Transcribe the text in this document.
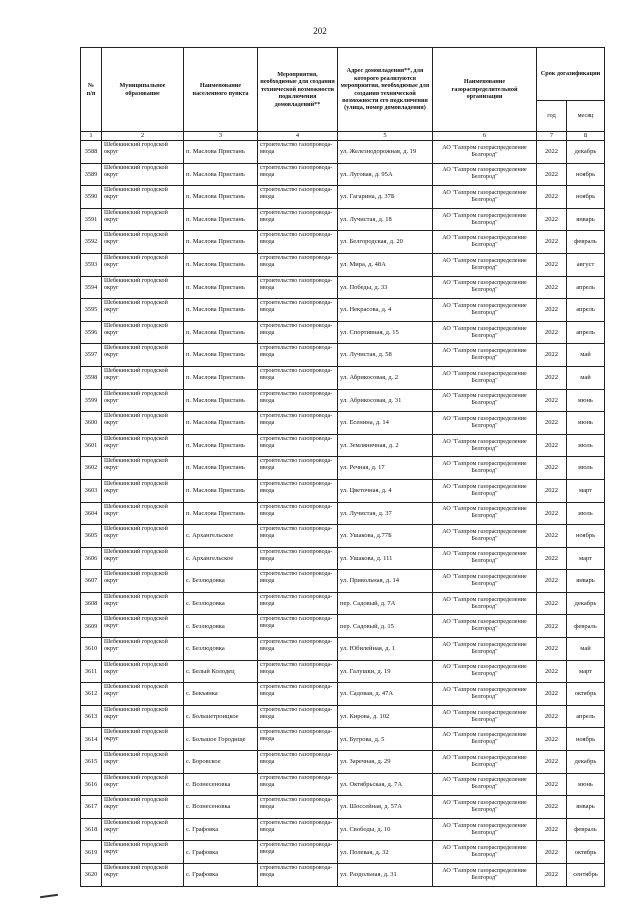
202
№
п/п	Муниципальное образование	Наименование населенного пункта	Мероприятия, необходимые для создания технической возможности подключения домовладений**	Адрес домовладения**, для которого реализуются мероприятия, необходимые для создания технической возможности его подключения (улица, номер домовладения)	Наименование газораспределительной организации	Срок догазификации	
						год	месяц
1	2	3	4	5	6	7	8
3588	Шебекинский городской округ	п. Маслова Пристань	строительство газопровода-ввода	ул. Железнодорожная, д. 19	АО "Газпром газораспределение Белгород"	2022	декабрь
3589	Шебекинский городской округ	п. Маслова Пристань	строительство газопровода-ввода	ул. Луговая, д. 95А	АО "Газпром газораспределение Белгород"	2022	ноябрь
3590	Шебекинский городской округ	п. Маслова Пристань	строительство газопровода-ввода	ул. Гагарина, д. 37Б	АО "Газпром газораспределение Белгород"	2022	ноябрь
3591	Шебекинский городской округ	п. Маслова Пристань	строительство газопровода-ввода	ул. Лучистая, д. 18	АО "Газпром газораспределение Белгород"	2022	январь
3592	Шебекинский городской округ	п. Маслова Пристань	строительство газопровода-ввода	ул. Белгородская, д. 20	АО "Газпром газораспределение Белгород"	2022	февраль
3593	Шебекинский городской округ	п. Маслова Пристань	строительство газопровода-ввода	ул. Мира, д. 48А	АО "Газпром газораспределение Белгород"	2022	август
3594	Шебекинский городской округ	п. Маслова Пристань	строительство газопровода-ввода	ул. Победы, д. 33	АО "Газпром газораспределение Белгород"	2022	апрель
3595	Шебекинский городской округ	п. Маслова Пристань	строительство газопровода-ввода	ул. Некрасова, д. 4	АО "Газпром газораспределение Белгород"	2022	апрель
3596	Шебекинский городской округ	п. Маслова Пристань	строительство газопровода-ввода	ул. Спортивная, д. 15	АО "Газпром газораспределение Белгород"	2022	апрель
3597	Шебекинский городской округ	п. Маслова Пристань	строительство газопровода-ввода	ул. Лучистая, д. 58	АО "Газпром газораспределение Белгород"	2022	май
3598	Шебекинский городской округ	п. Маслова Пристань	строительство газопровода-ввода	ул. Абрикосовая, д. 2	АО "Газпром газораспределение Белгород"	2022	май
3599	Шебекинский городской округ	п. Маслова Пристань	строительство газопровода-ввода	ул. Абрикосовая, д. 31	АО "Газпром газораспределение Белгород"	2022	июнь
3600	Шебекинский городской округ	п. Маслова Пристань	строительство газопровода-ввода	ул. Есенина, д. 14	АО "Газпром газораспределение Белгород"	2022	июнь
3601	Шебекинский городской округ	п. Маслова Пристань	строительство газопровода-ввода	ул. Земляничная, д. 2	АО "Газпром газораспределение Белгород"	2022	июль
3602	Шебекинский городской округ	п. Маслова Пристань	строительство газопровода-ввода	ул. Речная, д. 17	АО "Газпром газораспределение Белгород"	2022	июль
3603	Шебекинский городской округ	п. Маслова Пристань	строительство газопровода-ввода	ул. Цветочная, д. 4	АО "Газпром газораспределение Белгород"	2022	март
3604	Шебекинский городской округ	п. Маслова Пристань	строительство газопровода-ввода	ул. Лучистая, д. 37	АО "Газпром газораспределение Белгород"	2022	июль
3605	Шебекинский городской округ	с. Архангельское	строительство газопровода-ввода	ул. Ушакова, д.77Б	АО "Газпром газораспределение Белгород"	2022	ноябрь
3606	Шебекинский городской округ	с. Архангельское	строительство газопровода-ввода	ул. Ушакова, д. 111	АО "Газпром газораспределение Белгород"	2022	март
3607	Шебекинский городской округ	с. Безлюдовка	строительство газопровода-ввода	ул. Привольная, д. 14	АО "Газпром газораспределение Белгород"	2022	январь
3608	Шебекинский городской округ	с. Безлюдовка	строительство газопровода-ввода	пер. Садовый, д. 7А	АО "Газпром газораспределение Белгород"	2022	декабрь
3609	Шебекинский городской округ	с. Безлюдовка	строительство газопровода-ввода	пер. Садовый, д. 15	АО "Газпром газораспределение Белгород"	2022	февраль
3610	Шебекинский городской округ	с. Безлюдовка	строительство газопровода-ввода	ул. Юбилейная, д. 1	АО "Газпром газораспределение Белгород"	2022	май
3611	Шебекинский городской округ	с. Белый Колодец	строительство газопровода-ввода	ул. Галушки, д. 19	АО "Газпром газораспределение Белгород"	2022	март
3612	Шебекинский городской округ	с. Бекъянка	строительство газопровода-ввода	ул. Садовая, д. 47А	АО "Газпром газораспределение Белгород"	2022	октябрь
3613	Шебекинский городской округ	с. Большетроицкое	строительство газопровода-ввода	ул. Кирова, д. 102	АО "Газпром газораспределение Белгород"	2022	апрель
3614	Шебекинский городской округ	с. Большое Городище	строительство газопровода-ввода	ул. Бугрова, д. 5	АО "Газпром газораспределение Белгород"	2022	ноябрь
3615	Шебекинский городской округ	с. Боровское	строительство газопровода-ввода	ул. Заречная, д. 29	АО "Газпром газораспределение Белгород"	2022	декабрь
3616	Шебекинский городской округ	с. Вознесеновка	строительство газопровода-ввода	ул. Октябрьская, д. 7А	АО "Газпром газораспределение Белгород"	2022	июнь
3617	Шебекинский городской округ	с. Вознесеновка	строительство газопровода-ввода	ул. Шоссейная, д. 57А	АО "Газпром газораспределение Белгород"	2022	январь
3618	Шебекинский городской округ	с. Графовка	строительство газопровода-ввода	ул. Свободы, д. 10	АО "Газпром газораспределение Белгород"	2022	февраль
3619	Шебекинский городской округ	с. Графовка	строительство газопровода-ввода	ул. Полевая, д. 32	АО "Газпром газораспределение Белгород"	2022	октябрь
3620	Шебекинский городской округ	с. Графовка	строительство газопровода-ввода	ул. Раздольная, д. 31	АО "Газпром газораспределение Белгород"	2022	сентябрь
